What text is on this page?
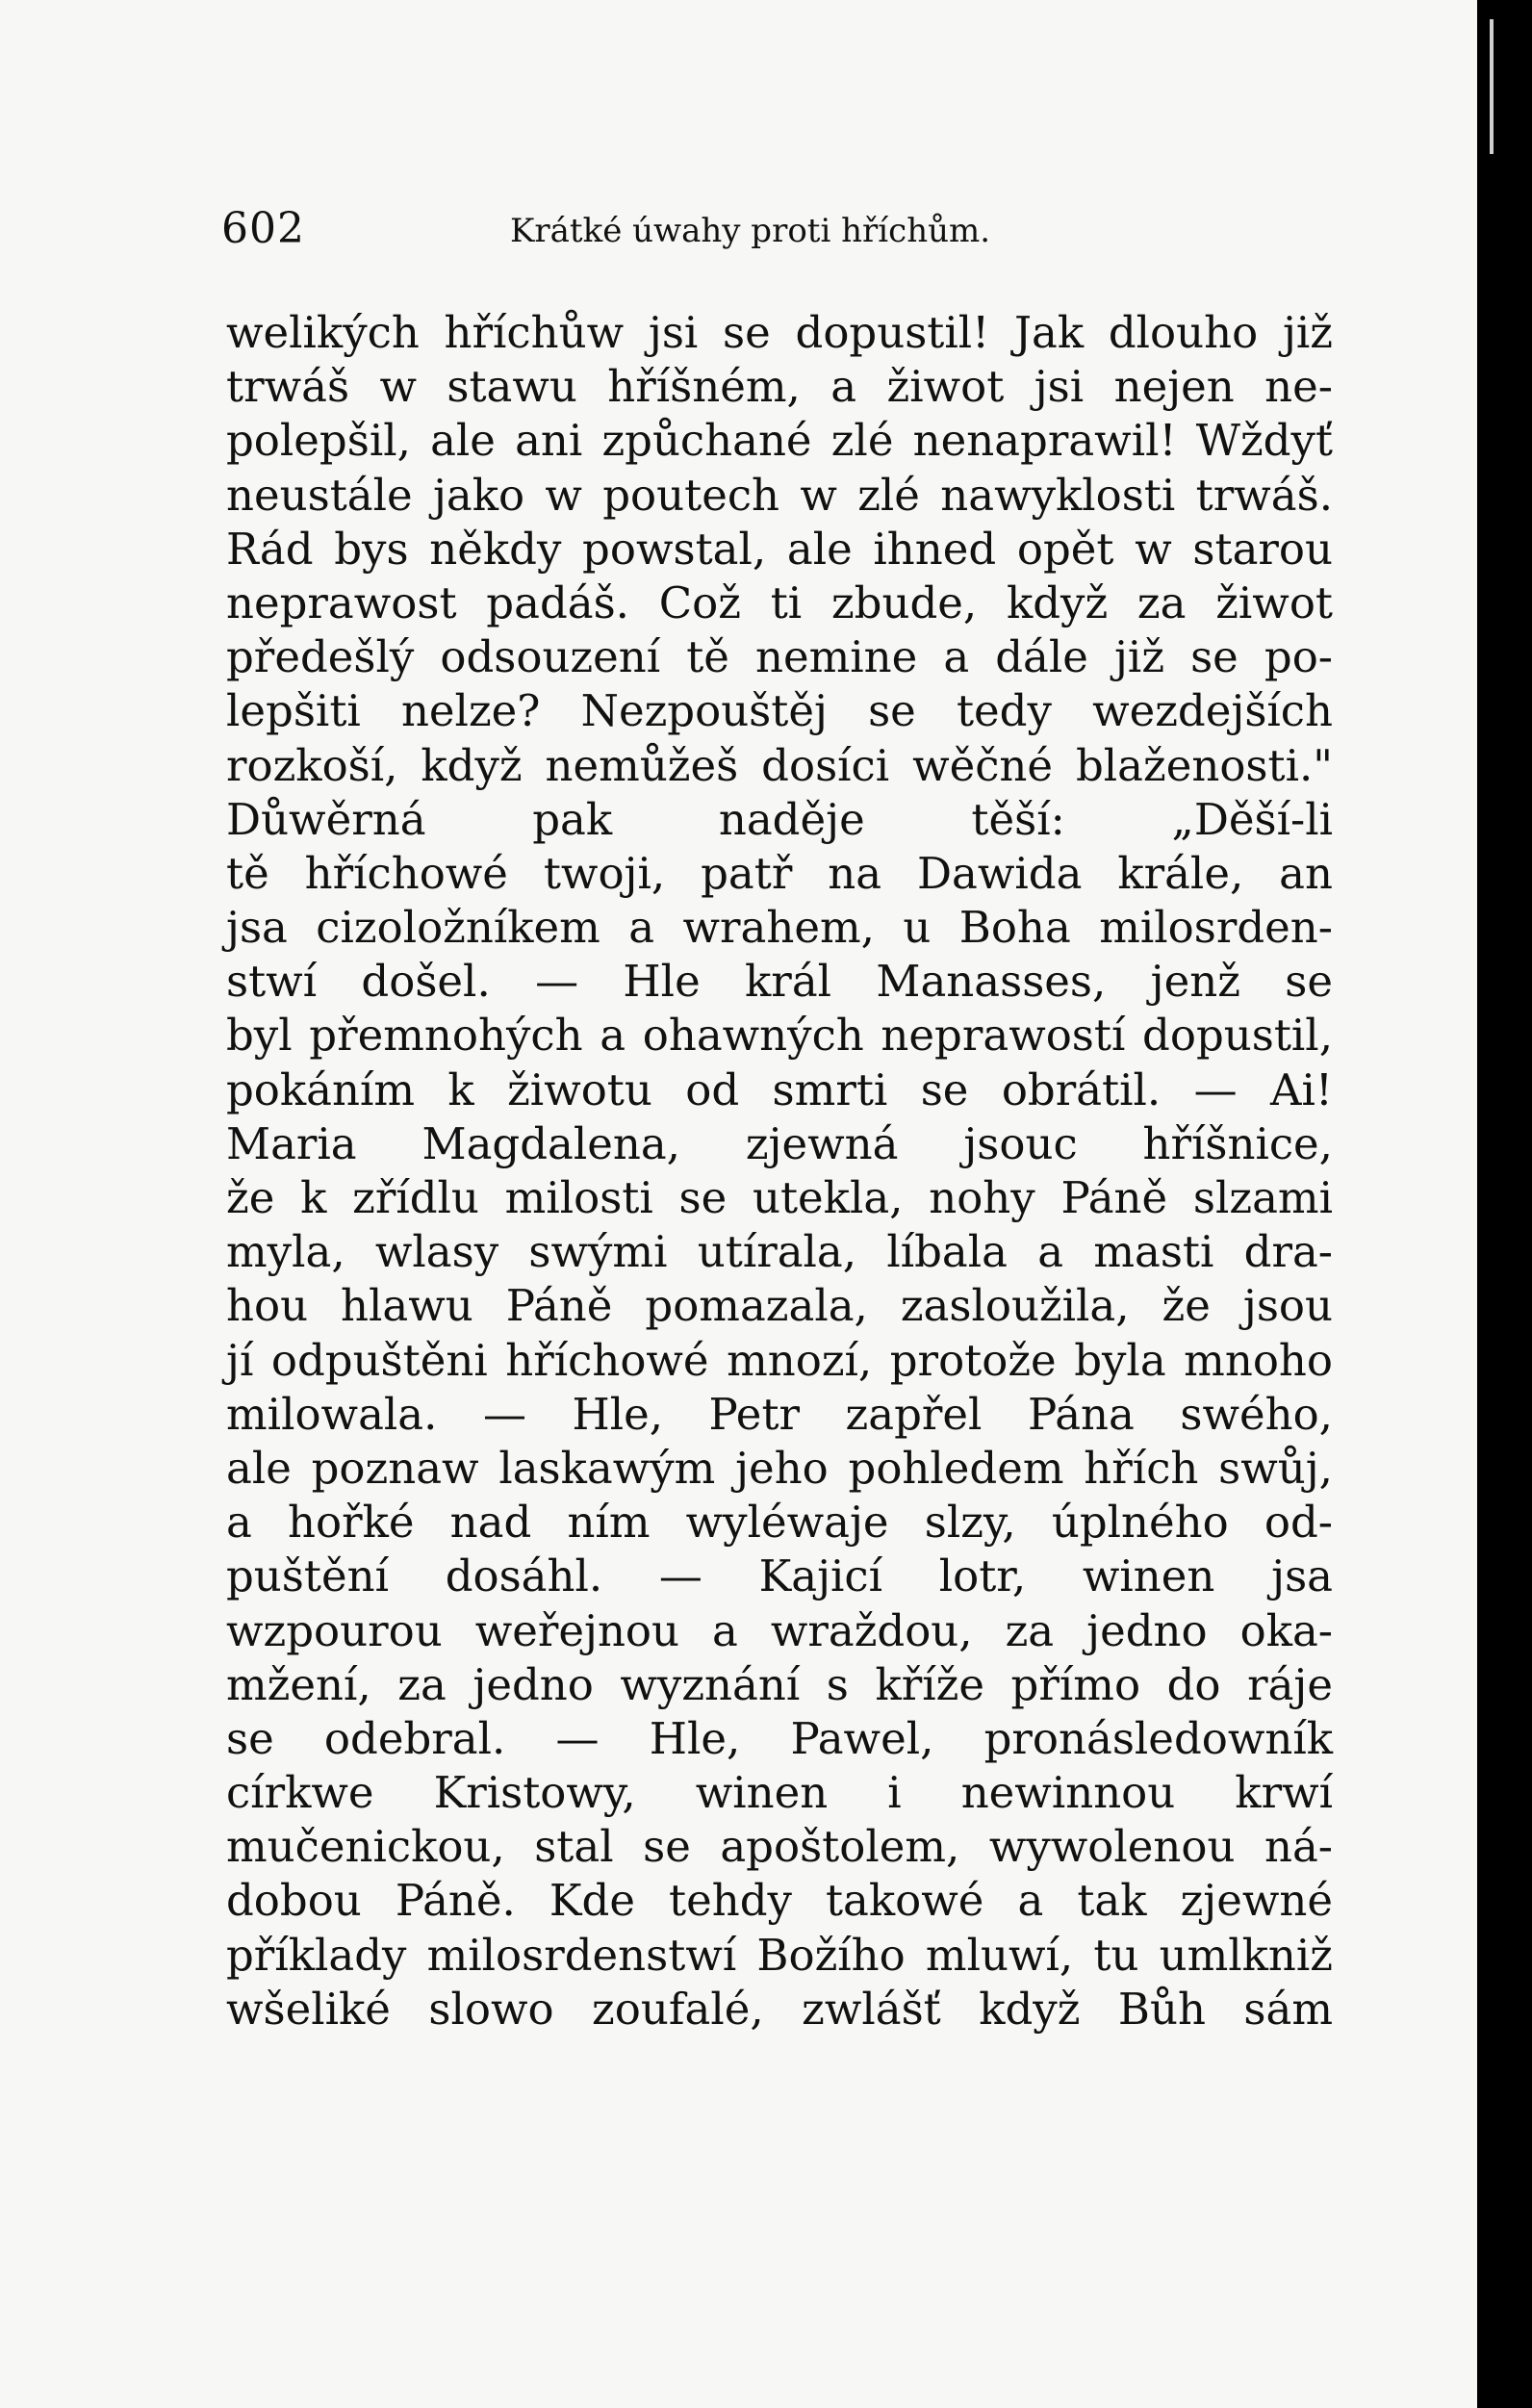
602	Krátké úwahy proti hříchům.
welikých hříchůw jsi se dopustil! Jak dlouho již
trwáš w stawu hříšném, a žiwot jsi nejen ne-
polepšil, ale ani způchané zlé nenaprawil! Wždyť
neustále jako w poutech w zlé nawyklosti trwáš.
Rád bys někdy powstal, ale ihned opět w starou
neprawost padáš. Což ti zbude, když za žiwot
předešlý odsouzení tě nemine a dále již se po-
lepšiti nelze? Nezpouštěj se tedy wezdejších
rozkoší, když nemůžeš dosíci wěčné blaženosti."
Důwěrná pak naděje těší: „Děší-li
tě hříchowé twoji, patř na Dawida krále, an
jsa cizoložníkem a wrahem, u Boha milosrden-
stwí došel. — Hle král Manasses, jenž se
byl přemnohých a ohawných neprawostí dopustil,
pokáním k žiwotu od smrti se obrátil. — Ai!
Maria Magdalena, zjewná jsouc hříšnice,
že k zřídlu milosti se utekla, nohy Páně slzami
myla, wlasy swými utírala, líbala a masti dra-
hou hlawu Páně pomazala, zasloužila, že jsou
jí odpuštěni hříchowé mnozí, protože byla mnoho
milowala. — Hle, Petr zapřel Pána swého,
ale poznaw laskawým jeho pohledem hřích swůj,
a hořké nad ním wyléwaje slzy, úplného od-
puštění dosáhl. — Kajicí lotr, winen jsa
wzpourou weřejnou a wraždou, za jedno oka-
mžení, za jedno wyznání s kříže přímo do ráje
se odebral. — Hle, Pawel, pronásledowník
církwe Kristowy, winen i newinnou krwí
mučenickou, stal se apoštolem, wywolenou ná-
dobou Páně. Kde tehdy takowé a tak zjewné
příklady milosrdenstwí Božího mluwí, tu umlkniž
wšeliké slowo zoufalé, zwlášť když Bůh sám
